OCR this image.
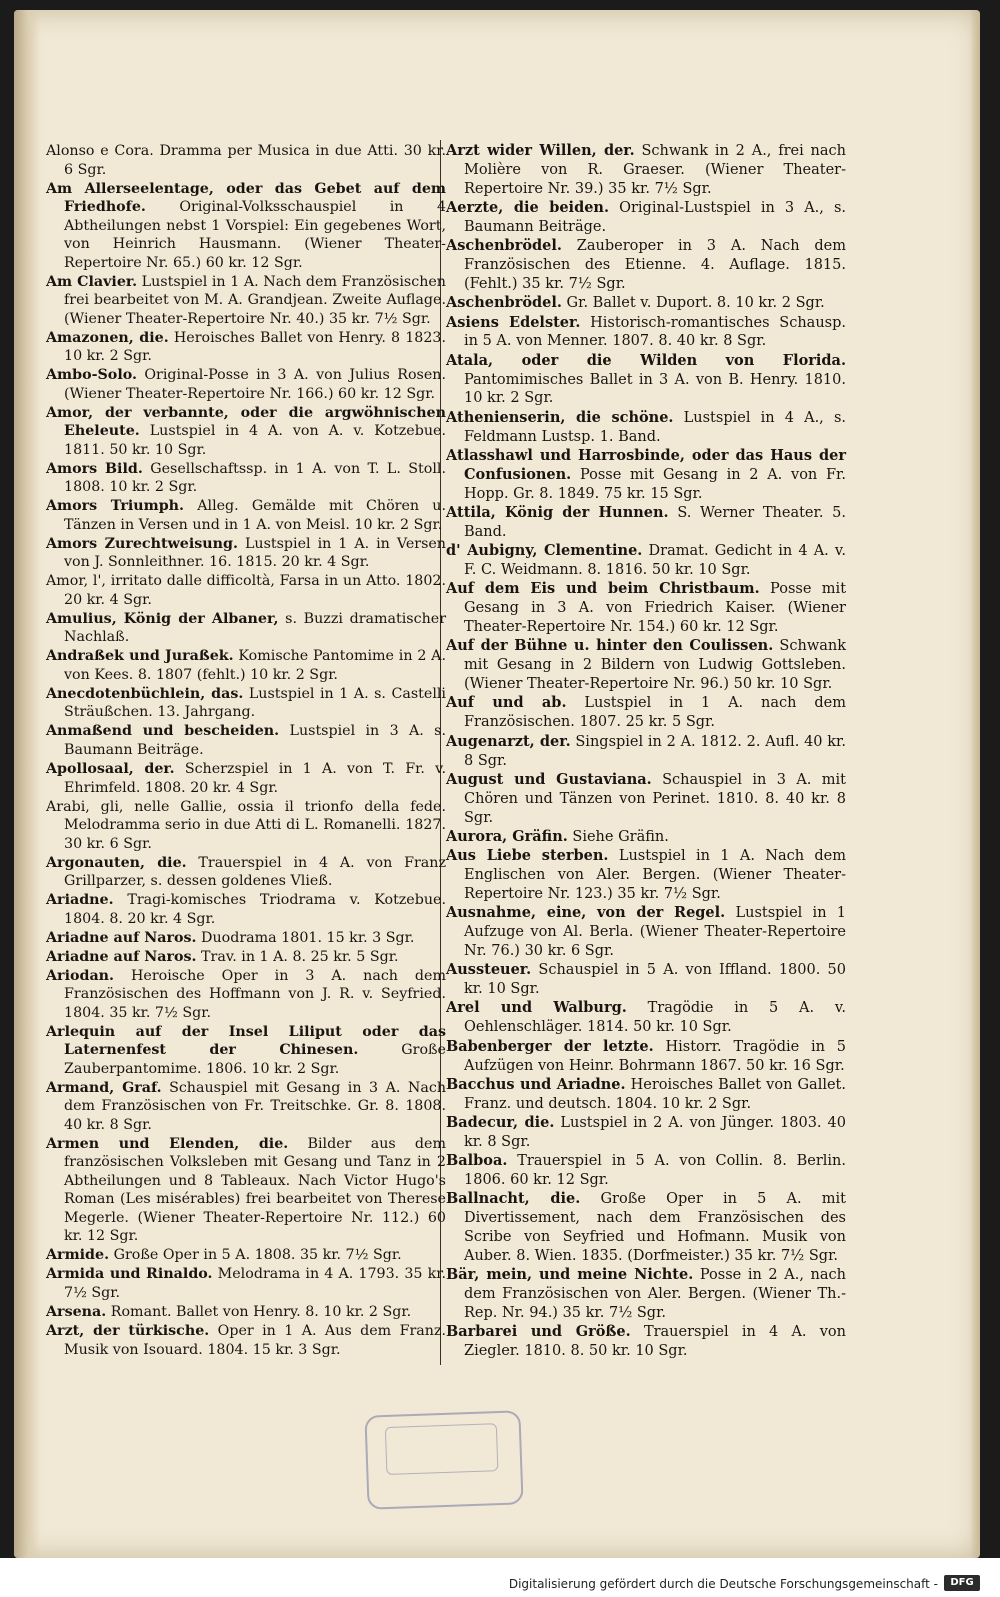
Alonso e Cora. Dramma per Musica in due Atti. 30 kr. 6 Sgr.

Am Allerseelentage, oder das Gebet auf dem Friedhofe. Original-Volksschauspiel in 4 Abtheilungen nebst 1 Vorspiel: Ein gegebenes Wort, von Heinrich Hausmann. (Wiener Theater-Repertoire Nr. 65.) 60 kr. 12 Sgr.

Am Clavier. Lustspiel in 1 A. Nach dem Französischen frei bearbeitet von M. A. Grandjean. Zweite Auflage. (Wiener Theater-Repertoire Nr. 40.) 35 kr. 7½ Sgr.

Amazonen, die. Heroisches Ballet von Henry. 8 1823. 10 kr. 2 Sgr.

Ambo-Solo. Original-Posse in 3 A. von Julius Rosen. (Wiener Theater-Repertoire Nr. 166.) 60 kr. 12 Sgr.

Amor, der verbannte, oder die argwöhnischen Eheleute. Lustspiel in 4 A. von A. v. Kotzebue. 1811. 50 kr. 10 Sgr.

Amors Bild. Gesellschaftssp. in 1 A. von T. L. Stoll. 1808. 10 kr. 2 Sgr.

Amors Triumph. Alleg. Gemälde mit Chören u. Tänzen in Versen und in 1 A. von Meisl. 10 kr. 2 Sgr.

Amors Zurechtweisung. Lustspiel in 1 A. in Versen von J. Sonnleithner. 16. 1815. 20 kr. 4 Sgr.

Amor, l', irritato dalle difficoltà, Farsa in un Atto. 1802. 20 kr. 4 Sgr.

Amulius, König der Albaner, s. Buzzi dramatischer Nachlaß.

Andraßek und Juraßek. Komische Pantomime in 2 A. von Kees. 8. 1807 (fehlt.) 10 kr. 2 Sgr.

Anecdotenbüchlein, das. Lustspiel in 1 A. s. Castelli Sträußchen. 13. Jahrgang.

Anmaßend und bescheiden. Lustspiel in 3 A. s. Baumann Beiträge.

Apollosaal, der. Scherzspiel in 1 A. von T. Fr. v. Ehrimfeld. 1808. 20 kr. 4 Sgr.

Arabi, gli, nelle Gallie, ossia il trionfo della fede. Melodramma serio in due Atti di L. Romanelli. 1827. 30 kr. 6 Sgr.

Argonauten, die. Trauerspiel in 4 A. von Franz Grillparzer, s. dessen goldenes Vließ.

Ariadne. Tragi-komisches Triodrama v. Kotzebue. 1804. 8. 20 kr. 4 Sgr.

Ariadne auf Naros. Duodrama 1801. 15 kr. 3 Sgr.

Ariadne auf Naros. Trav. in 1 A. 8. 25 kr. 5 Sgr.

Ariodan. Heroische Oper in 3 A. nach dem Französischen des Hoffmann von J. R. v. Seyfried. 1804. 35 kr. 7½ Sgr.

Arlequin auf der Insel Liliput oder das Laternenfest der Chinesen.	Große Zauberpantomime. 1806. 10 kr. 2 Sgr.

Armand, Graf. Schauspiel mit Gesang in 3 A. Nach dem Französischen von Fr. Treitschke. Gr. 8. 1808. 40 kr. 8 Sgr.

Armen und Elenden, die. Bilder aus dem französischen Volksleben mit Gesang und Tanz in 2 Abtheilungen und 8 Tableaux. Nach Victor Hugo's Roman (Les misérables) frei bearbeitet von Therese Megerle. (Wiener Theater-Repertoire Nr. 112.) 60 kr. 12 Sgr.

Armide. Große Oper in 5 A. 1808. 35 kr. 7½ Sgr.

Armida und Rinaldo. Melodrama in 4 A. 1793. 35 kr. 7½ Sgr.

Arsena. Romant. Ballet von Henry. 8. 10 kr. 2 Sgr.

Arzt, der türkische. Oper in 1 A. Aus dem Franz. Musik von Isouard. 1804. 15 kr. 3 Sgr.

Arzt wider Willen, der. Schwank in 2 A., frei nach Molière von R. Graeser. (Wiener Theater-Repertoire Nr. 39.) 35 kr. 7½ Sgr.

Aerzte, die beiden. Original-Lustspiel in 3 A., s. Baumann Beiträge.

Aschenbrödel. Zauberoper in 3 A. Nach dem Französischen des Etienne. 4. Auflage. 1815. (Fehlt.) 35 kr. 7½ Sgr.

Aschenbrödel. Gr. Ballet v. Duport. 8. 10 kr. 2 Sgr.

Asiens Edelster. Historisch-romantisches Schausp. in 5 A. von Menner. 1807. 8. 40 kr. 8 Sgr.

Atala, oder die Wilden von Florida. Pantomimisches Ballet in 3 A. von B. Henry. 1810. 10 kr. 2 Sgr.

Athenienserin, die schöne. Lustspiel in 4 A., s. Feldmann Lustsp. 1. Band.

Atlasshawl und Harrosbinde, oder das Haus der Confusionen. Posse mit Gesang in 2 A. von Fr. Hopp. Gr. 8. 1849. 75 kr. 15 Sgr.

Attila, König der Hunnen. S. Werner Theater. 5. Band.

d' Aubigny, Clementine. Dramat. Gedicht in 4 A. v. F. C. Weidmann. 8. 1816. 50 kr. 10 Sgr.

Auf dem Eis und beim Christbaum. Posse mit Gesang in 3 A. von Friedrich Kaiser. (Wiener Theater-Repertoire Nr. 154.) 60 kr. 12 Sgr.

Auf der Bühne u. hinter den Coulissen. Schwank mit Gesang in 2 Bildern von Ludwig Gottsleben. (Wiener Theater-Repertoire Nr. 96.) 50 kr. 10 Sgr.

Auf und ab. Lustspiel in 1 A. nach dem Französischen. 1807. 25 kr. 5 Sgr.

Augenarzt, der. Singspiel in 2 A. 1812. 2. Aufl. 40 kr. 8 Sgr.

August und Gustaviana. Schauspiel in 3 A. mit Chören und Tänzen von Perinet. 1810. 8. 40 kr. 8 Sgr.

Aurora, Gräfin. Siehe Gräfin.

Aus Liebe sterben. Lustspiel in 1 A. Nach dem Englischen von Aler. Bergen. (Wiener Theater-Repertoire Nr. 123.) 35 kr. 7½ Sgr.

Ausnahme, eine, von der Regel. Lustspiel in 1 Aufzuge von Al. Berla. (Wiener Theater-Repertoire Nr. 76.) 30 kr. 6 Sgr.

Aussteuer. Schauspiel in 5 A. von Iffland. 1800. 50 kr. 10 Sgr.

Arel und Walburg. Tragödie in 5 A. v. Oehlenschläger. 1814. 50 kr. 10 Sgr.

Babenberger der letzte. Historr. Tragödie in 5 Aufzügen von Heinr. Bohrmann 1867. 50 kr. 16 Sgr.

Bacchus und Ariadne. Heroisches Ballet von Gallet. Franz. und deutsch. 1804. 10 kr. 2 Sgr.

Badecur, die. Lustspiel in 2 A. von Jünger. 1803. 40 kr. 8 Sgr.

Balboa. Trauerspiel in 5 A. von Collin. 8. Berlin. 1806. 60 kr. 12 Sgr.

Ballnacht, die. Große Oper in 5 A. mit Divertissement, nach dem Französischen des Scribe von Seyfried und Hofmann. Musik von Auber. 8. Wien. 1835. (Dorfmeister.) 35 kr. 7½ Sgr.

Bär, mein, und meine Nichte. Posse in 2 A., nach dem Französischen von Aler. Bergen. (Wiener Th.-Rep. Nr. 94.) 35 kr. 7½ Sgr.

Barbarei und Größe. Trauerspiel in 4 A. von Ziegler. 1810. 8. 50 kr. 10 Sgr.

Digitalisierung gefördert durch die Deutsche Forschungsgemeinschaft -	DFG
